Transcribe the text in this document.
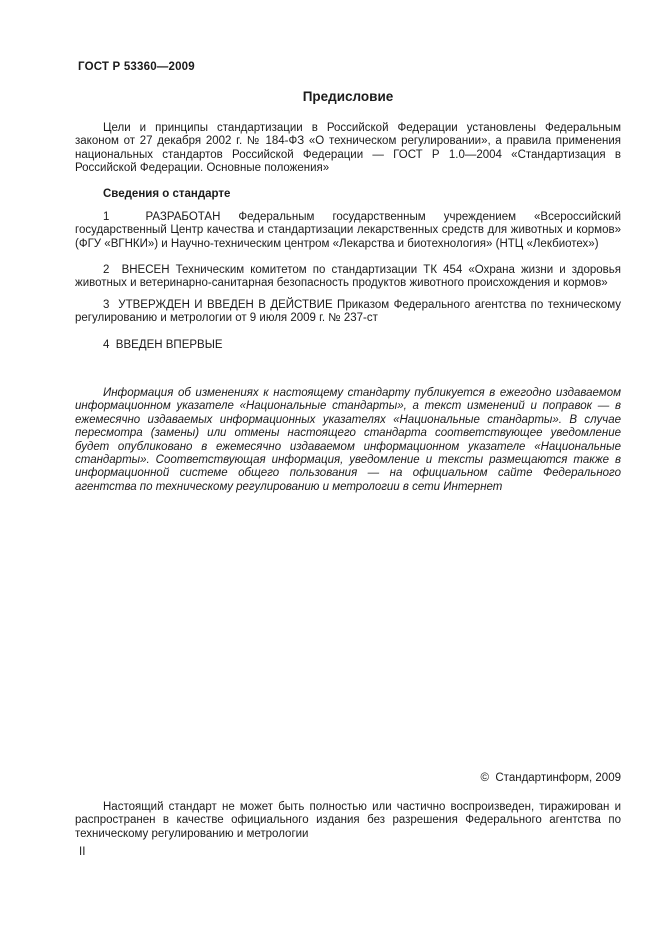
ГОСТ Р 53360—2009
Предисловие

Цели и принципы стандартизации в Российской Федерации установлены Федеральным законом от 27 декабря 2002 г. № 184-ФЗ «О техническом регулировании», а правила применения национальных стандартов Российской Федерации — ГОСТ Р 1.0—2004 «Стандартизация в Российской Федерации. Основные положения»

Сведения о стандарте

1  РАЗРАБОТАН Федеральным государственным учреждением «Всероссийский государственный Центр качества и стандартизации лекарственных средств для животных и кормов» (ФГУ «ВГНКИ») и Научно-техническим центром «Лекарства и биотехнология» (НТЦ «Лекбиотех»)

2  ВНЕСЕН Техническим комитетом по стандартизации ТК 454 «Охрана жизни и здоровья животных и ветеринарно-санитарная безопасность продуктов животного происхождения и кормов»

3  УТВЕРЖДЕН И ВВЕДЕН В ДЕЙСТВИЕ Приказом Федерального агентства по техническому регулированию и метрологии от 9 июля 2009 г. № 237-ст

4  ВВЕДЕН ВПЕРВЫЕ

Информация об изменениях к настоящему стандарту публикуется в ежегодно издаваемом информационном указателе «Национальные стандарты», а текст изменений и поправок — в ежемесячно издаваемых информационных указателях «Национальные стандарты». В случае пересмотра (замены) или отмены настоящего стандарта соответствующее уведомление будет опубликовано в ежемесячно издаваемом информационном указателе «Национальные стандарты». Соответствующая информация, уведомление и тексты размещаются также в информационной системе общего пользования — на официальном сайте Федерального агентства по техническому регулированию и метрологии в сети Интернет

©  Стандартинформ, 2009

Настоящий стандарт не может быть полностью или частично воспроизведен, тиражирован и распространен в качестве официального издания без разрешения Федерального агентства по техническому регулированию и метрологии

II
